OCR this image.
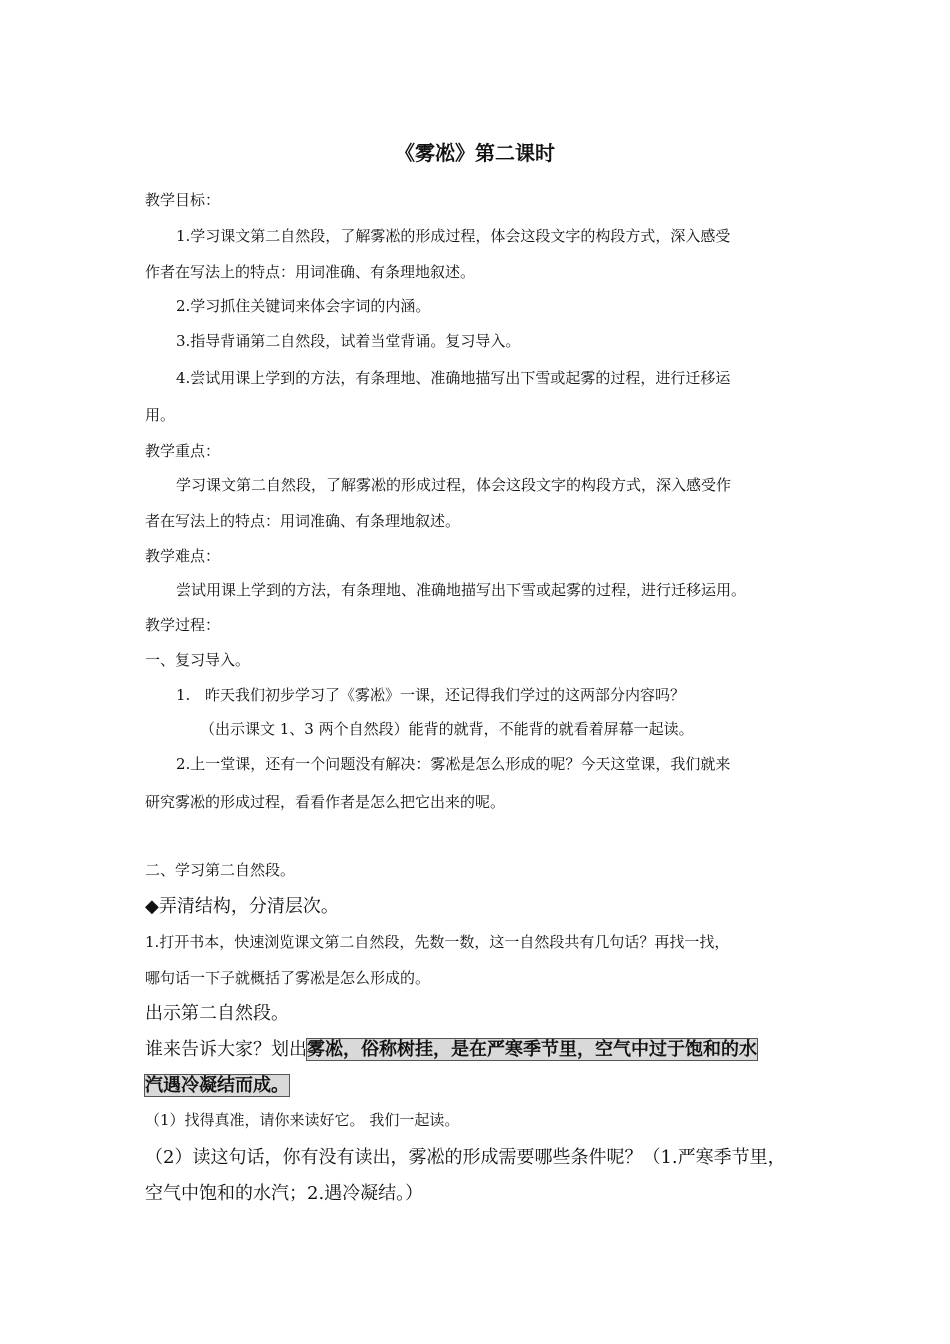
《雾凇》第二课时
教学目标：
1.学习课文第二自然段，了解雾凇的形成过程，体会这段文字的构段方式，深入感受
作者在写法上的特点：用词准确、有条理地叙述。
2.学习抓住关键词来体会字词的内涵。
3.指导背诵第二自然段，试着当堂背诵。复习导入。
4.尝试用课上学到的方法，有条理地、准确地描写出下雪或起雾的过程，进行迁移运
用。
教学重点：
学习课文第二自然段，了解雾凇的形成过程，体会这段文字的构段方式，深入感受作
者在写法上的特点：用词准确、有条理地叙述。
教学难点：
尝试用课上学到的方法，有条理地、准确地描写出下雪或起雾的过程，进行迁移运用。
教学过程：
一、复习导入。
1. 昨天我们初步学习了《雾凇》一课，还记得我们学过的这两部分内容吗？
（出示课文 1、3 两个自然段）能背的就背，不能背的就看着屏幕一起读。
2.上一堂课，还有一个问题没有解决：雾凇是怎么形成的呢？今天这堂课，我们就来
研究雾凇的形成过程，看看作者是怎么把它出来的呢。
二、学习第二自然段。
◆弄清结构，分清层次。
1.打开书本，快速浏览课文第二自然段，先数一数，这一自然段共有几句话？再找一找，
哪句话一下子就概括了雾凇是怎么形成的。
出示第二自然段。
谁来告诉大家？划出雾凇，俗称树挂，是在严寒季节里，空气中过于饱和的水
汽遇冷凝结而成。
（1）找得真准，请你来读好它。 我们一起读。
（2）读这句话，你有没有读出，雾凇的形成需要哪些条件呢？（1.严寒季节里，
空气中饱和的水汽；2.遇冷凝结。）
